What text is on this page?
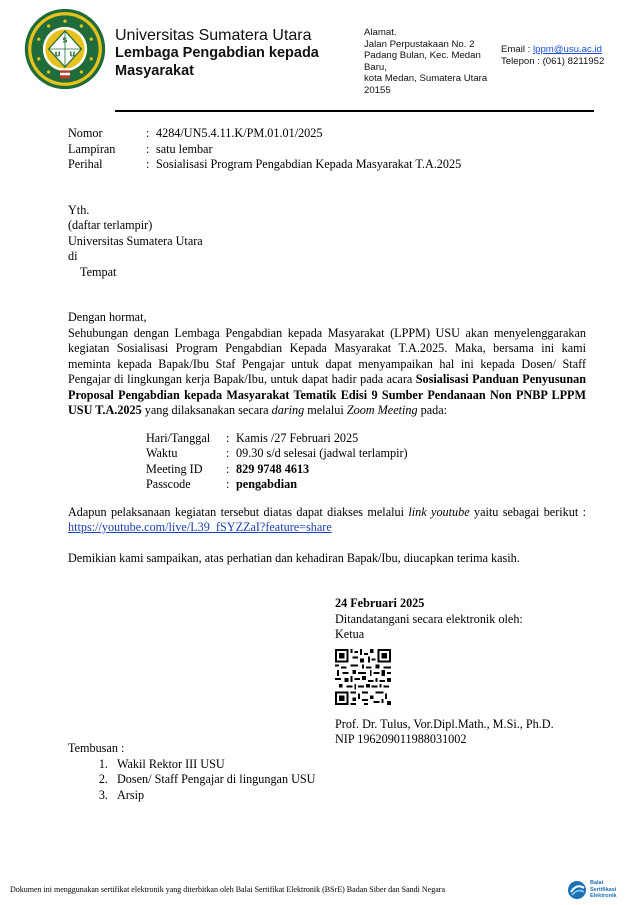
S
U U
Universitas Sumatera Utara
Lembaga Pengabdian kepada Masyarakat
Alamat.
Jalan Perpustakaan No. 2
Padang Bulan, Kec. Medan Baru,
kota Medan, Sumatera Utara
20155
Email : lppm@usu.ac.id
Telepon : (061) 8211952
Nomor	: 4284/UN5.4.11.K/PM.01.01/2025
Lampiran	: satu lembar
Perihal	: Sosialisasi Program Pengabdian Kepada Masyarakat T.A.2025
Yth.
(daftar terlampir)
Universitas Sumatera Utara
di
Tempat
Dengan hormat,
Sehubungan dengan Lembaga Pengabdian kepada Masyarakat (LPPM) USU akan menyelenggarakan kegiatan Sosialisasi Program Pengabdian Kepada Masyarakat T.A.2025. Maka, bersama ini kami meminta kepada Bapak/Ibu Staf Pengajar untuk dapat menyampaikan hal ini kepada Dosen/ Staff Pengajar di lingkungan kerja Bapak/Ibu, untuk dapat hadir pada acara Sosialisasi Panduan Penyusunan Proposal Pengabdian kepada Masyarakat Tematik Edisi 9 Sumber Pendanaan Non PNBP LPPM USU T.A.2025 yang dilaksanakan secara daring melalui Zoom Meeting pada:
Hari/Tanggal	: Kamis /27 Februari 2025
Waktu	: 09.30 s/d selesai (jadwal terlampir)
Meeting ID	: 829 9748 4613
Passcode	: pengabdian
Adapun pelaksanaan kegiatan tersebut diatas dapat diakses melalui link youtube yaitu sebagai berikut : https://youtube.com/live/L39_fSYZZaI?feature=share
Demikian kami sampaikan, atas perhatian dan kehadiran Bapak/Ibu, diucapkan terima kasih.
24 Februari 2025
Ditandatangani secara elektronik oleh:
Ketua
Prof. Dr. Tulus, Vor.Dipl.Math., M.Si., Ph.D.
NIP 196209011988031002
Tembusan :
1. Wakil Rektor III USU
2. Dosen/ Staff Pengajar di lingungan USU
3. Arsip
Dokumen ini menggunakan sertifikat elektronik yang diterbitkan oleh Balai Sertifikat Elektronik (BSrE) Badan Siber dan Sandi Negara
Balai
Sertifikasi
Elektronik
